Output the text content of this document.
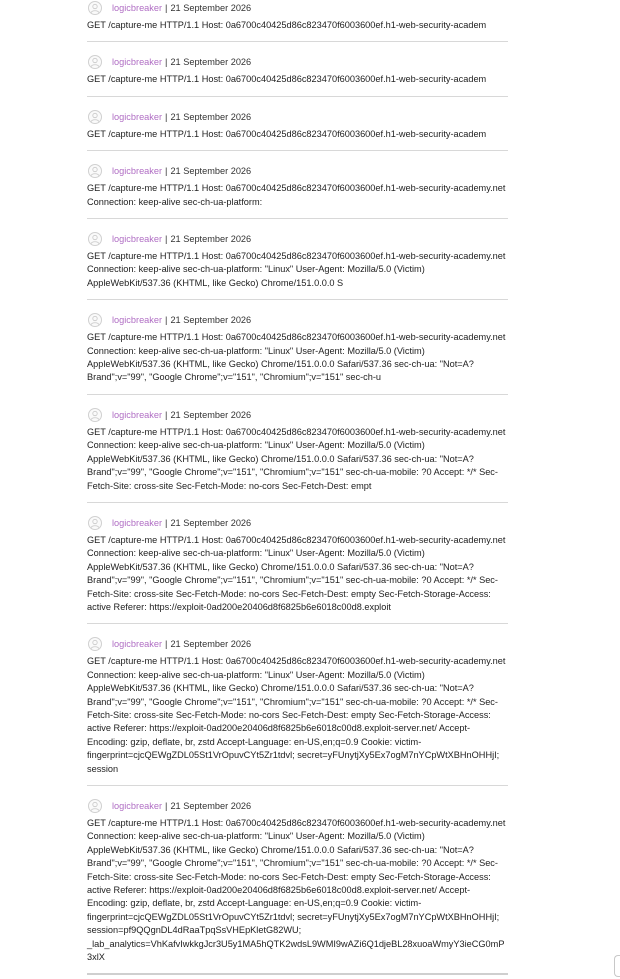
logicbreaker | 21 September 2026
GET /capture-me HTTP/1.1 Host: 0a6700c40425d86c823470f6003600ef.h1-web-security-academ
logicbreaker | 21 September 2026
GET /capture-me HTTP/1.1 Host: 0a6700c40425d86c823470f6003600ef.h1-web-security-academ
logicbreaker | 21 September 2026
GET /capture-me HTTP/1.1 Host: 0a6700c40425d86c823470f6003600ef.h1-web-security-academ
logicbreaker | 21 September 2026
GET /capture-me HTTP/1.1 Host: 0a6700c40425d86c823470f6003600ef.h1-web-security-academy.net Connection: keep-alive sec-ch-ua-platform:
logicbreaker | 21 September 2026
GET /capture-me HTTP/1.1 Host: 0a6700c40425d86c823470f6003600ef.h1-web-security-academy.net Connection: keep-alive sec-ch-ua-platform: "Linux" User-Agent: Mozilla/5.0 (Victim) AppleWebKit/537.36 (KHTML, like Gecko) Chrome/151.0.0.0 S
logicbreaker | 21 September 2026
GET /capture-me HTTP/1.1 Host: 0a6700c40425d86c823470f6003600ef.h1-web-security-academy.net Connection: keep-alive sec-ch-ua-platform: "Linux" User-Agent: Mozilla/5.0 (Victim) AppleWebKit/537.36 (KHTML, like Gecko) Chrome/151.0.0.0 Safari/537.36 sec-ch-ua: "Not=A?Brand";v="99", "Google Chrome";v="151", "Chromium";v="151" sec-ch-u
logicbreaker | 21 September 2026
GET /capture-me HTTP/1.1 Host: 0a6700c40425d86c823470f6003600ef.h1-web-security-academy.net Connection: keep-alive sec-ch-ua-platform: "Linux" User-Agent: Mozilla/5.0 (Victim) AppleWebKit/537.36 (KHTML, like Gecko) Chrome/151.0.0.0 Safari/537.36 sec-ch-ua: "Not=A?Brand";v="99", "Google Chrome";v="151", "Chromium";v="151" sec-ch-ua-mobile: ?0 Accept: */* Sec-Fetch-Site: cross-site Sec-Fetch-Mode: no-cors Sec-Fetch-Dest: empt
logicbreaker | 21 September 2026
GET /capture-me HTTP/1.1 Host: 0a6700c40425d86c823470f6003600ef.h1-web-security-academy.net Connection: keep-alive sec-ch-ua-platform: "Linux" User-Agent: Mozilla/5.0 (Victim) AppleWebKit/537.36 (KHTML, like Gecko) Chrome/151.0.0.0 Safari/537.36 sec-ch-ua: "Not=A?Brand";v="99", "Google Chrome";v="151", "Chromium";v="151" sec-ch-ua-mobile: ?0 Accept: */* Sec-Fetch-Site: cross-site Sec-Fetch-Mode: no-cors Sec-Fetch-Dest: empty Sec-Fetch-Storage-Access: active Referer: https://exploit-0ad200e20406d8f6825b6e6018c00d8.exploit
logicbreaker | 21 September 2026
GET /capture-me HTTP/1.1 Host: 0a6700c40425d86c823470f6003600ef.h1-web-security-academy.net Connection: keep-alive sec-ch-ua-platform: "Linux" User-Agent: Mozilla/5.0 (Victim) AppleWebKit/537.36 (KHTML, like Gecko) Chrome/151.0.0.0 Safari/537.36 sec-ch-ua: "Not=A?Brand";v="99", "Google Chrome";v="151", "Chromium";v="151" sec-ch-ua-mobile: ?0 Accept: */* Sec-Fetch-Site: cross-site Sec-Fetch-Mode: no-cors Sec-Fetch-Dest: empty Sec-Fetch-Storage-Access: active Referer: https://exploit-0ad200e20406d8f6825b6e6018c00d8.exploit-server.net/ Accept-Encoding: gzip, deflate, br, zstd Accept-Language: en-US,en;q=0.9 Cookie: victim-fingerprint=cjcQEWgZDL05St1VrOpuvCYt5Zr1tdvl; secret=yFUnytjXy5Ex7ogM7nYCpWtXBHnOHHjI; session
logicbreaker | 21 September 2026
GET /capture-me HTTP/1.1 Host: 0a6700c40425d86c823470f6003600ef.h1-web-security-academy.net Connection: keep-alive sec-ch-ua-platform: "Linux" User-Agent: Mozilla/5.0 (Victim) AppleWebKit/537.36 (KHTML, like Gecko) Chrome/151.0.0.0 Safari/537.36 sec-ch-ua: "Not=A?Brand";v="99", "Google Chrome";v="151", "Chromium";v="151" sec-ch-ua-mobile: ?0 Accept: */* Sec-Fetch-Site: cross-site Sec-Fetch-Mode: no-cors Sec-Fetch-Dest: empty Sec-Fetch-Storage-Access: active Referer: https://exploit-0ad200e20406d8f6825b6e6018c00d8.exploit-server.net/ Accept-Encoding: gzip, deflate, br, zstd Accept-Language: en-US,en;q=0.9 Cookie: victim-fingerprint=cjcQEWgZDL05St1VrOpuvCYt5Zr1tdvl; secret=yFUnytjXy5Ex7ogM7nYCpWtXBHnOHHjI; session=pf9QQgnDL4dRaaTpqSsVHEpKletG82WU; _lab_analytics=VhKafvIwkkgJcr3U5y1MA5hQTK2wdsL9WMI9wAZi6Q1djeBL28xuoaWmyY3ieCG0mP3xlX
